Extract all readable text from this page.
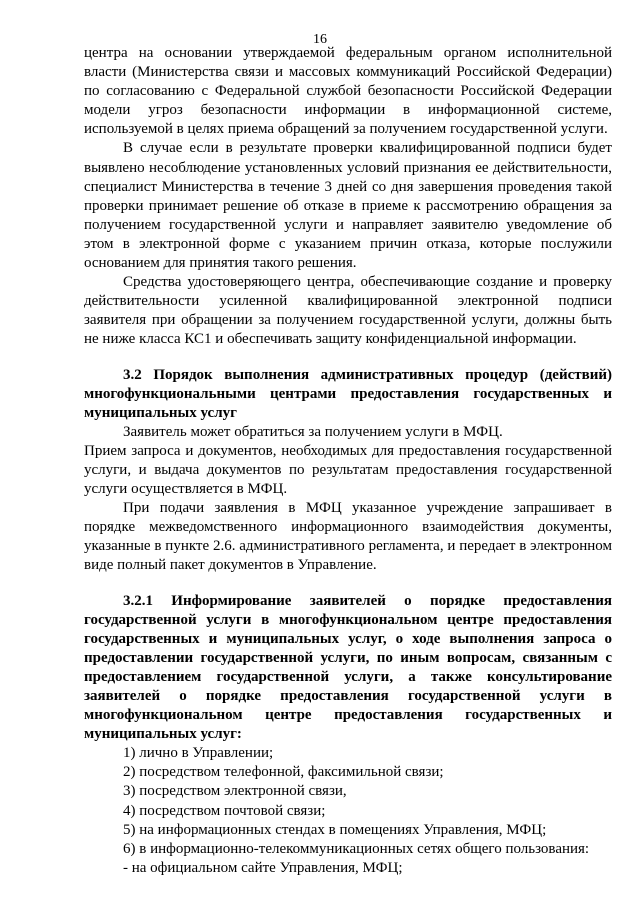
16

центра на основании утверждаемой федеральным органом исполнительной власти (Министерства связи и массовых коммуникаций Российской Федерации) по согласованию с Федеральной службой безопасности Российской Федерации модели угроз безопасности информации в информационной системе, используемой в целях приема обращений за получением государственной услуги.

В случае если в результате проверки квалифицированной подписи будет выявлено несоблюдение установленных условий признания ее действительности, специалист Министерства в течение 3 дней со дня завершения проведения такой проверки принимает решение об отказе в приеме к рассмотрению обращения за получением государственной услуги и направляет заявителю уведомление об этом в электронной форме с указанием причин отказа, которые послужили основанием для принятия такого решения.

Средства удостоверяющего центра, обеспечивающие создание и проверку действительности усиленной квалифицированной электронной подписи заявителя при обращении за получением государственной услуги, должны быть не ниже класса КС1 и обеспечивать защиту конфиденциальной информации.

3.2 Порядок выполнения административных процедур (действий) многофункциональными центрами предоставления государственных и муниципальных услуг

Заявитель может обратиться за получением услуги в МФЦ.

Прием запроса и документов, необходимых для предоставления государственной услуги, и выдача документов по результатам предоставления государственной услуги осуществляется в МФЦ.

При подачи заявления в МФЦ указанное учреждение запрашивает в порядке межведомственного информационного взаимодействия документы, указанные в пункте 2.6. административного регламента, и передает в электронном виде полный пакет документов в Управление.

3.2.1 Информирование заявителей о порядке предоставления государственной услуги в многофункциональном центре предоставления государственных и муниципальных услуг, о ходе выполнения запроса о предоставлении государственной услуги, по иным вопросам, связанным с предоставлением государственной услуги, а также консультирование заявителей о порядке предоставления государственной услуги в многофункциональном центре предоставления государственных и муниципальных услуг:

1) лично в Управлении;
2) посредством телефонной, факсимильной связи;
3) посредством электронной связи,
4) посредством почтовой связи;
5) на информационных стендах в помещениях Управления, МФЦ;
6) в информационно-телекоммуникационных сетях общего пользования:
- на официальном сайте Управления, МФЦ;
